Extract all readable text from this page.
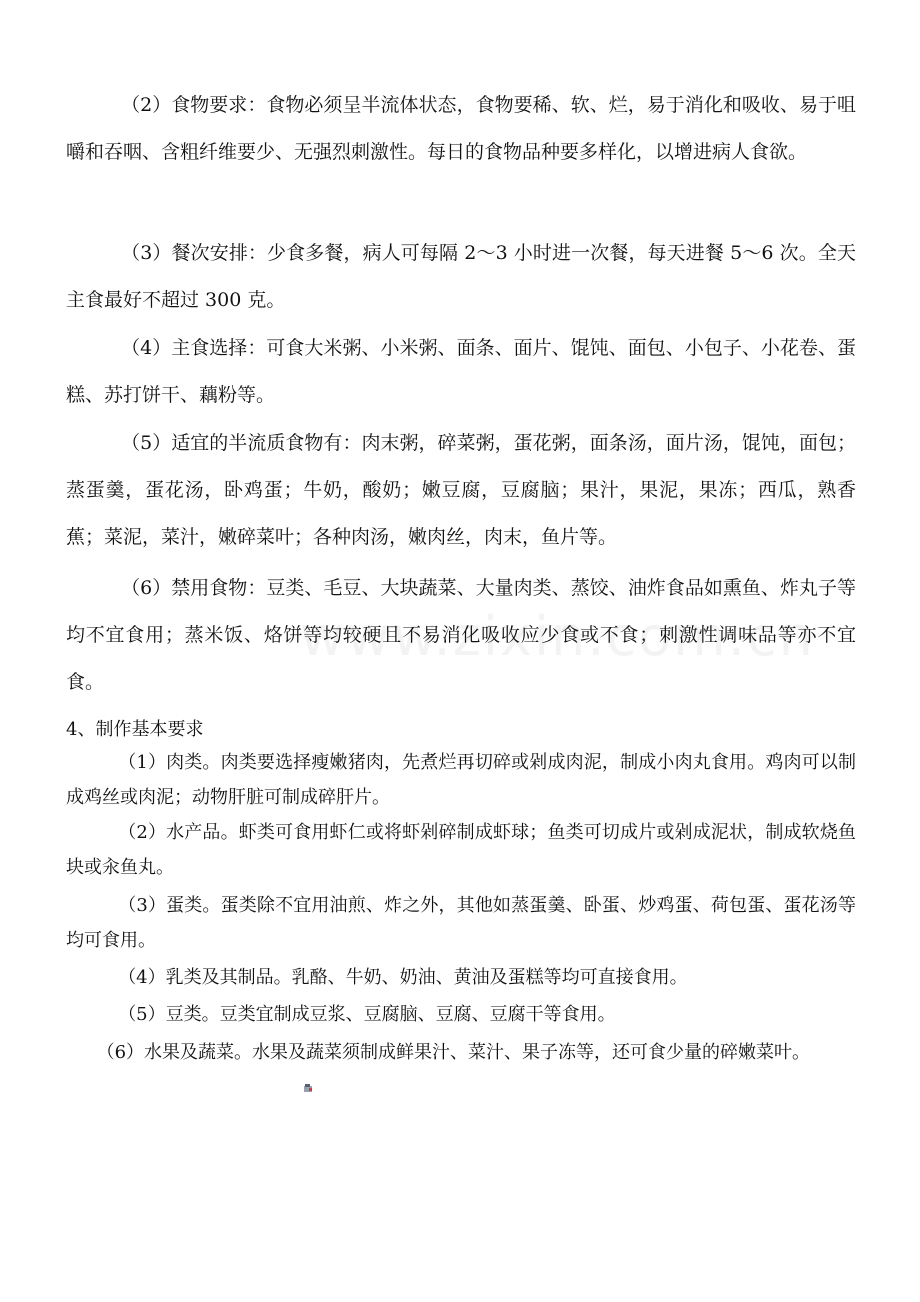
（2）食物要求：食物必须呈半流体状态，食物要稀、软、烂，易于消化和吸收、易于咀嚼和吞咽、含粗纤维要少、无强烈刺激性。每日的食物品种要多样化，以增进病人食欲。

（3）餐次安排：少食多餐，病人可每隔 2～3 小时进一次餐，每天进餐 5～6 次。全天主食最好不超过 300 克。

（4）主食选择：可食大米粥、小米粥、面条、面片、馄饨、面包、小包子、小花卷、蛋糕、苏打饼干、藕粉等。

（5）适宜的半流质食物有：肉末粥，碎菜粥，蛋花粥，面条汤，面片汤，馄饨，面包；蒸蛋羹，蛋花汤，卧鸡蛋；牛奶，酸奶；嫩豆腐，豆腐脑；果汁，果泥，果冻；西瓜，熟香蕉；菜泥，菜汁，嫩碎菜叶；各种肉汤，嫩肉丝，肉末，鱼片等。

（6）禁用食物：豆类、毛豆、大块蔬菜、大量肉类、蒸饺、油炸食品如熏鱼、炸丸子等均不宜食用；蒸米饭、烙饼等均较硬且不易消化吸收应少食或不食；刺激性调味品等亦不宜食。

4、制作基本要求

（1）肉类。肉类要选择瘦嫩猪肉，先煮烂再切碎或剁成肉泥，制成小肉丸食用。鸡肉可以制成鸡丝或肉泥；动物肝脏可制成碎肝片。

（2）水产品。虾类可食用虾仁或将虾剁碎制成虾球；鱼类可切成片或剁成泥状，制成软烧鱼块或汆鱼丸。

（3）蛋类。蛋类除不宜用油煎、炸之外，其他如蒸蛋羹、卧蛋、炒鸡蛋、荷包蛋、蛋花汤等均可食用。

（4）乳类及其制品。乳酪、牛奶、奶油、黄油及蛋糕等均可直接食用。

（5）豆类。豆类宜制成豆浆、豆腐脑、豆腐、豆腐干等食用。

（6）水果及蔬菜。水果及蔬菜须制成鲜果汁、菜汁、果子冻等，还可食少量的碎嫩菜叶。
